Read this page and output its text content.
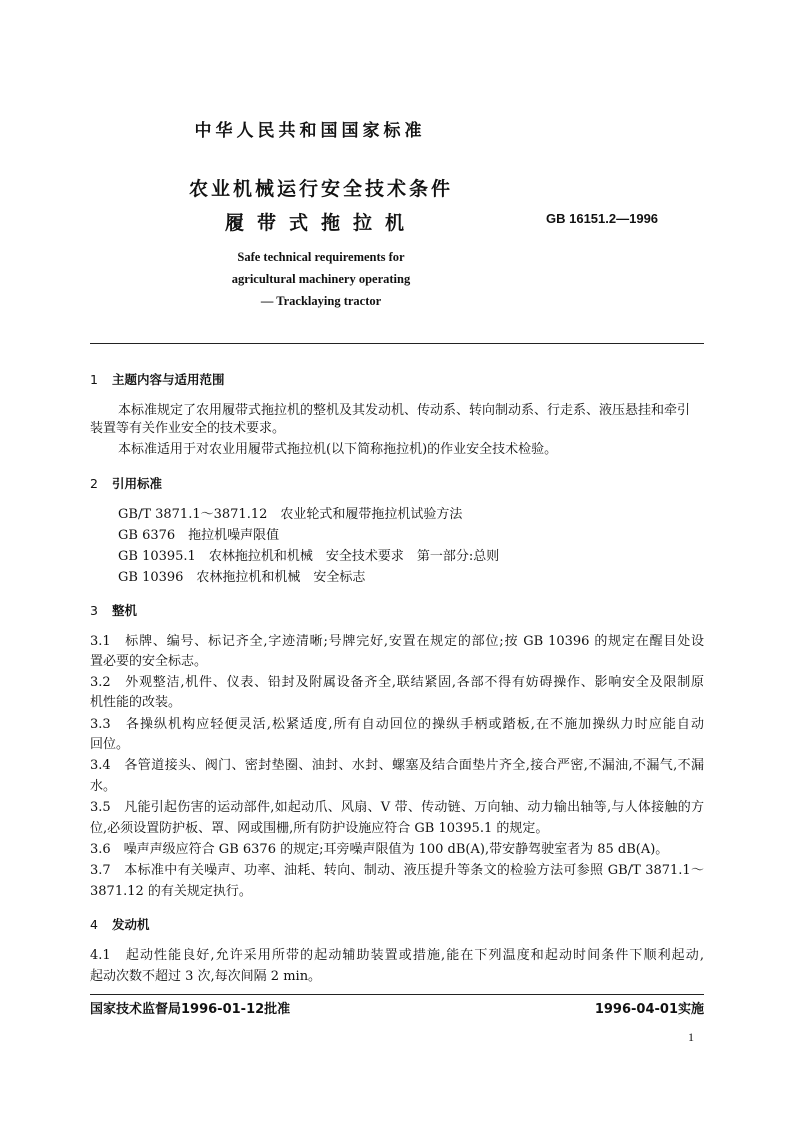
中华人民共和国国家标准
农业机械运行安全技术条件
履带式拖拉机	GB 16151.2—1996
Safe technical requirements for
agricultural machinery operating
— Tracklaying tractor
1 主题内容与适用范围
本标准规定了农用履带式拖拉机的整机及其发动机、传动系、转向制动系、行走系、液压悬挂和牵引
装置等有关作业安全的技术要求。
本标准适用于对农业用履带式拖拉机(以下简称拖拉机)的作业安全技术检验。
2 引用标准
GB/T 3871.1～3871.12　农业轮式和履带拖拉机试验方法
GB 6376　拖拉机噪声限值
GB 10395.1　农林拖拉机和机械　安全技术要求　第一部分:总则
GB 10396　农林拖拉机和机械　安全标志
3 整机
3.1　标牌、编号、标记齐全,字迹清晰;号牌完好,安置在规定的部位;按 GB 10396 的规定在醒目处设
置必要的安全标志。
3.2　外观整洁,机件、仪表、铅封及附属设备齐全,联结紧固,各部不得有妨碍操作、影响安全及限制原
机性能的改装。
3.3　各操纵机构应轻便灵活,松紧适度,所有自动回位的操纵手柄或踏板,在不施加操纵力时应能自动
回位。
3.4　各管道接头、阀门、密封垫圈、油封、水封、螺塞及结合面垫片齐全,接合严密,不漏油,不漏气,不漏
水。
3.5　凡能引起伤害的运动部件,如起动爪、风扇、V 带、传动链、万向轴、动力输出轴等,与人体接触的方
位,必须设置防护板、罩、网或围栅,所有防护设施应符合 GB 10395.1 的规定。
3.6　噪声声级应符合 GB 6376 的规定;耳旁噪声限值为 100 dB(A),带安静驾驶室者为 85 dB(A)。
3.7　本标准中有关噪声、功率、油耗、转向、制动、液压提升等条文的检验方法可参照 GB/T 3871.1～
3871.12 的有关规定执行。
4 发动机
4.1　起动性能良好,允许采用所带的起动辅助装置或措施,能在下列温度和起动时间条件下顺利起动,
起动次数不超过 3 次,每次间隔 2 min。
国家技术监督局1996-01-12批准	1996-04-01实施
1
